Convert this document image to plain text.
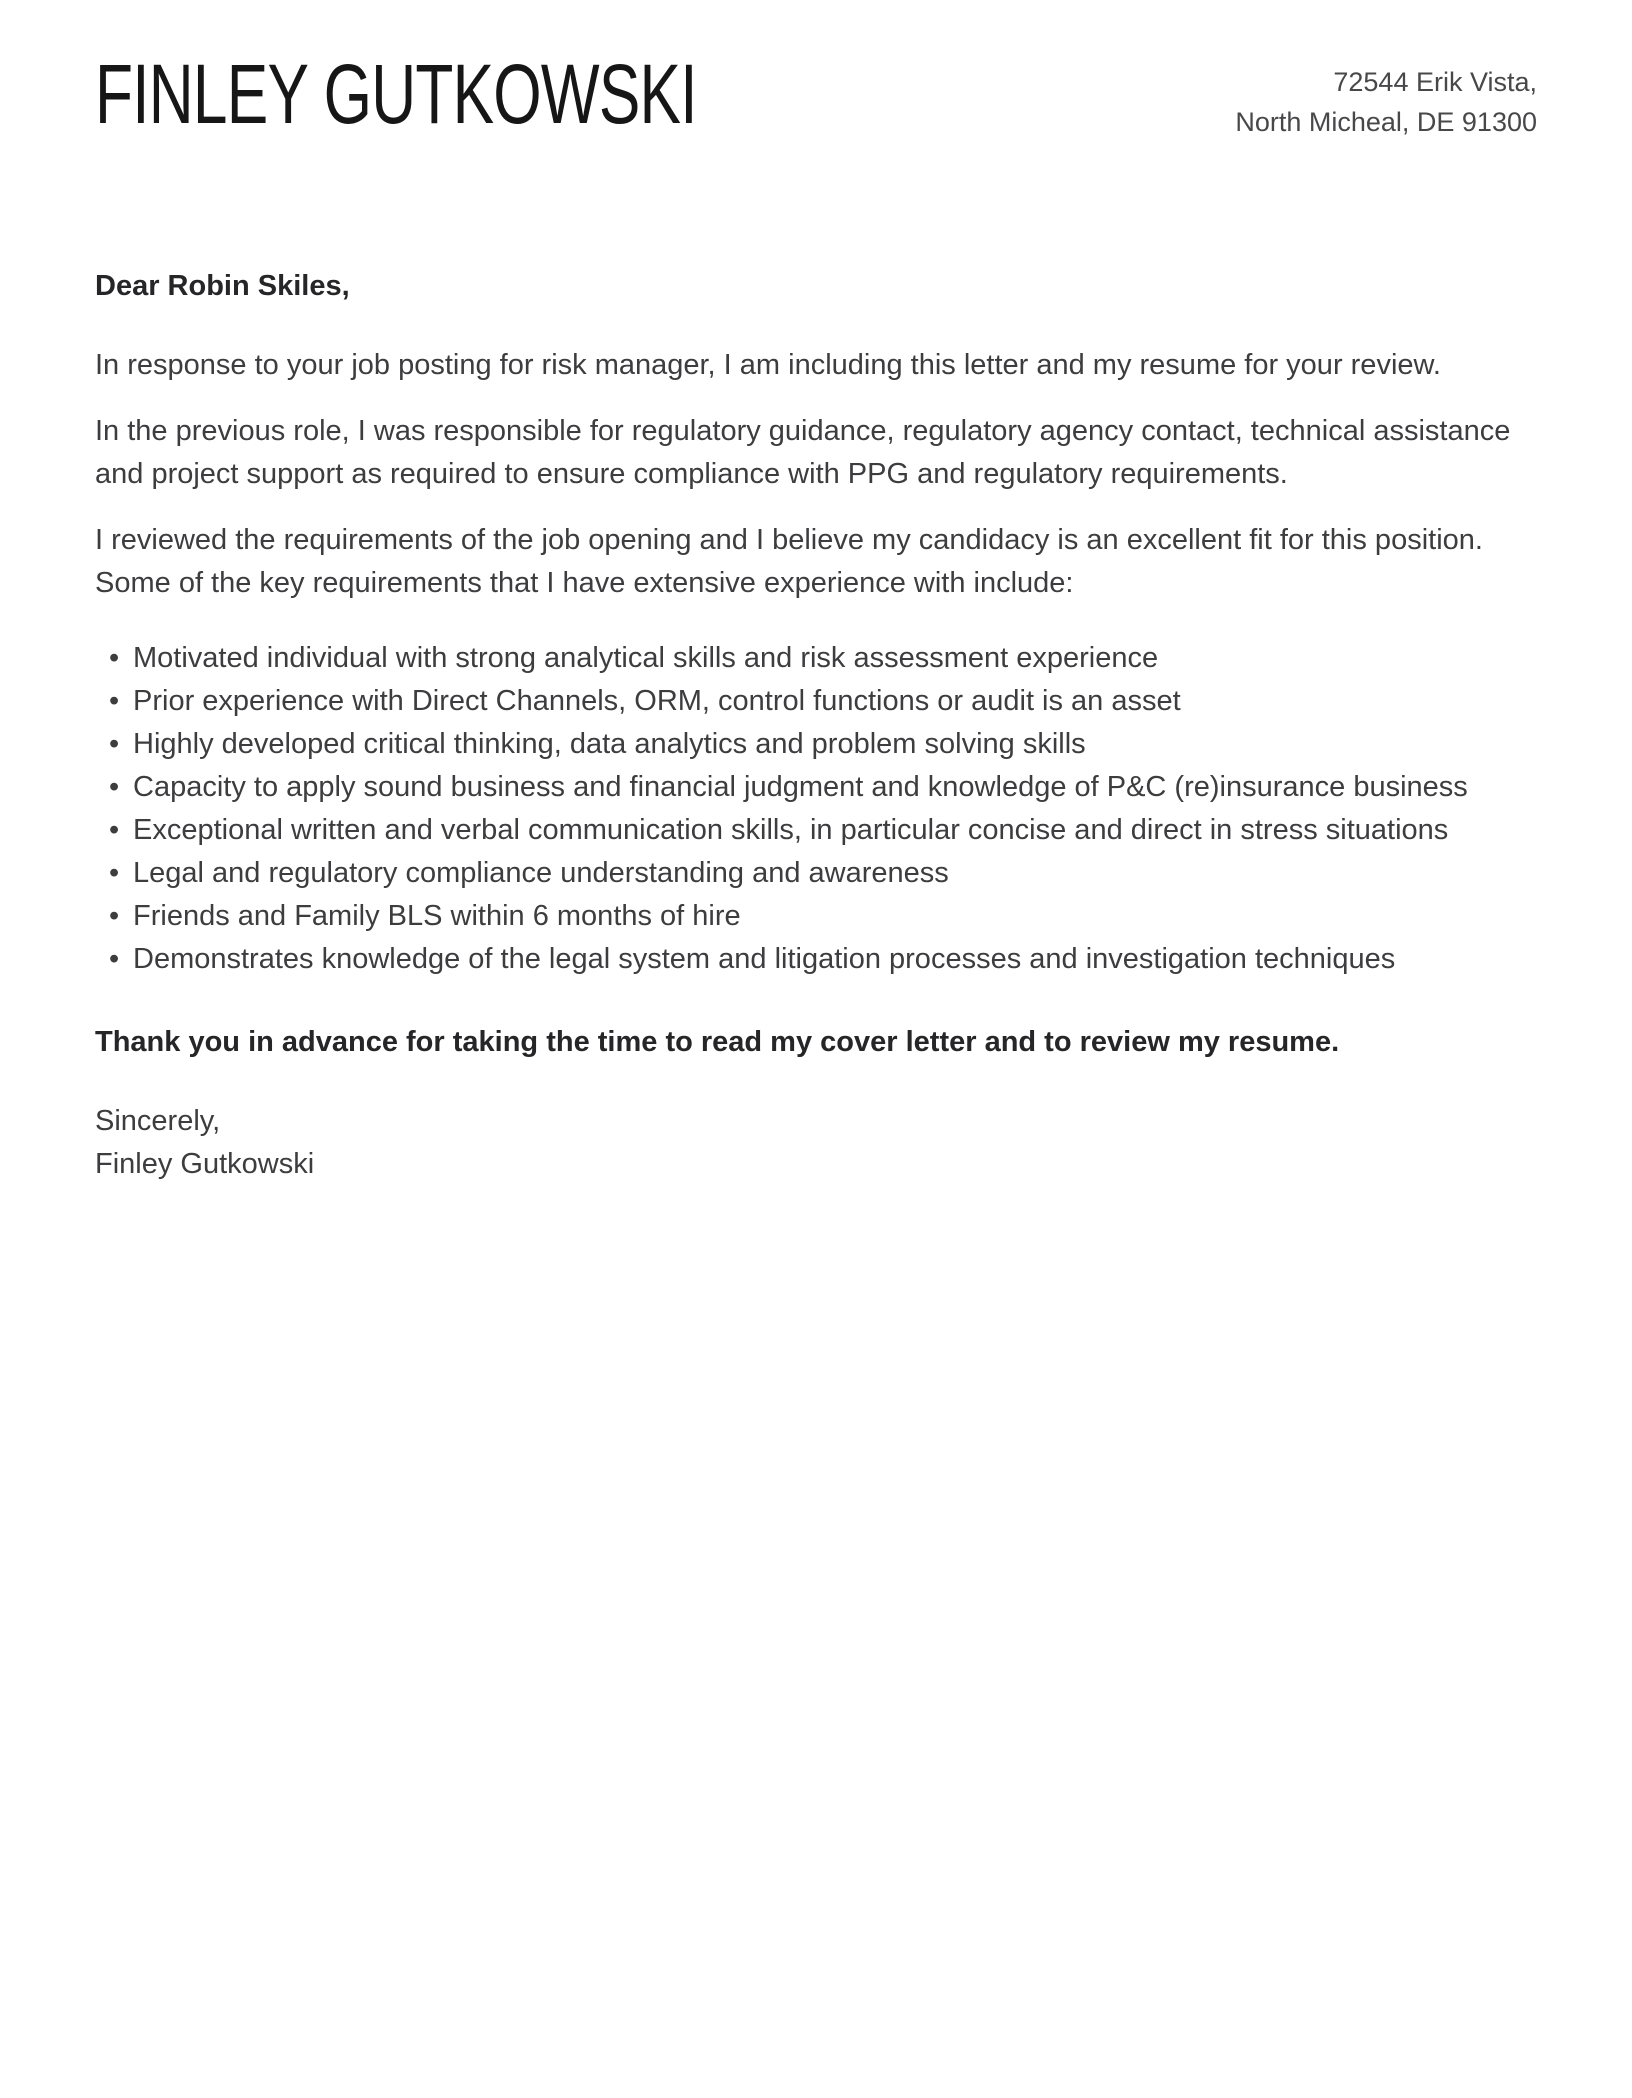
FINLEY GUTKOWSKI	72544 Erik Vista,
North Micheal, DE 91300

Dear Robin Skiles,

In response to your job posting for risk manager, I am including this letter and my resume for your review.

In the previous role, I was responsible for regulatory guidance, regulatory agency contact, technical assistance and project support as required to ensure compliance with PPG and regulatory requirements.

I reviewed the requirements of the job opening and I believe my candidacy is an excellent fit for this position. Some of the key requirements that I have extensive experience with include:

• Motivated individual with strong analytical skills and risk assessment experience
• Prior experience with Direct Channels, ORM, control functions or audit is an asset
• Highly developed critical thinking, data analytics and problem solving skills
• Capacity to apply sound business and financial judgment and knowledge of P&C (re)insurance business
• Exceptional written and verbal communication skills, in particular concise and direct in stress situations
• Legal and regulatory compliance understanding and awareness
• Friends and Family BLS within 6 months of hire
• Demonstrates knowledge of the legal system and litigation processes and investigation techniques

Thank you in advance for taking the time to read my cover letter and to review my resume.

Sincerely,

Finley Gutkowski
